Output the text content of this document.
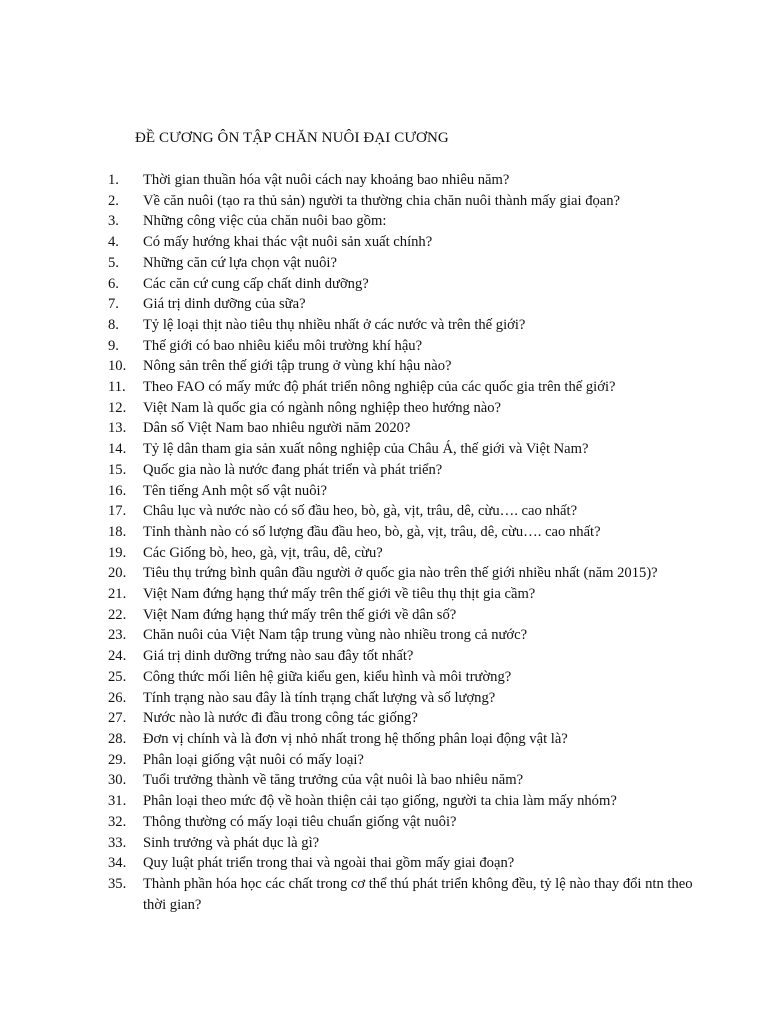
ĐỀ CƯƠNG ÔN TẬP CHĂN NUÔI ĐẠI CƯƠNG
1.	Thời gian thuần hóa vật nuôi cách nay khoảng bao nhiêu năm?
2.	Về căn nuôi (tạo ra thủ sản) người ta thường chia chăn nuôi thành mấy giai đọan?
3.	Những công việc của chăn nuôi bao gồm:
4.	Có mấy hướng khai thác vật nuôi sản xuất chính?
5.	Những căn cứ lựa chọn vật nuôi?
6.	Các căn cứ cung cấp chất dinh dưỡng?
7.	Giá trị dinh dưỡng của sữa?
8.	Tỷ lệ loại thịt nào tiêu thụ nhiều nhất ở các nước và trên thế giới?
9.	Thế giới có bao nhiêu kiểu môi trường khí hậu?
10.	Nông sản trên thế giới tập trung ở vùng khí hậu nào?
11.	Theo FAO có mấy mức độ phát triển nông nghiệp của các quốc gia trên thế giới?
12.	Việt Nam là quốc gia có ngành nông nghiệp theo hướng nào?
13.	Dân số Việt Nam bao nhiêu người năm 2020?
14.	Tỷ lệ dân tham gia sản xuất nông nghiệp của Châu Á, thế giới và Việt Nam?
15.	Quốc gia nào là nước đang phát triển và phát triển?
16.	Tên tiếng Anh một số vật nuôi?
17.	Châu lục và nước nào có số đầu heo, bò, gà, vịt, trâu, dê, cừu…. cao nhất?
18.	Tỉnh thành nào có số lượng đầu đầu heo, bò, gà, vịt, trâu, dê, cừu…. cao nhất?
19.	Các Giống bò, heo, gà, vịt, trâu, dê, cừu?
20.	Tiêu thụ trứng bình quân đầu người ở quốc gia nào trên thế giới nhiều nhất (năm 2015)?
21.	Việt Nam đứng hạng thứ mấy trên thế giới về tiêu thụ thịt gia cầm?
22.	Việt Nam đứng hạng thứ mấy trên thế giới về dân số?
23.	Chăn nuôi của Việt Nam tập trung vùng nào nhiều trong cả nước?
24.	Giá trị dinh dưỡng trứng nào sau đây tốt nhất?
25.	Công thức mối liên hệ giữa kiểu gen, kiểu hình và môi trường?
26.	Tính trạng nào sau đây là tính trạng chất lượng và số lượng?
27.	Nước nào là nước đi đầu trong công tác giống?
28.	Đơn vị chính và là đơn vị nhỏ nhất trong hệ thống phân loại động vật là?
29.	Phân loại giống vật nuôi có mấy loại?
30.	Tuổi trưởng thành về tăng trưởng của vật nuôi là bao nhiêu năm?
31.	Phân loại theo mức độ về hoàn thiện cải tạo giống, người ta chia làm mấy nhóm?
32.	Thông thường có mấy loại tiêu chuẩn giống vật nuôi?
33.	Sinh trưởng và phát dục là gì?
34.	Quy luật phát triển trong thai và ngoài thai gồm mấy giai đoạn?
35.	Thành phần hóa học các chất trong cơ thể thú phát triển không đều, tỷ lệ nào thay đổi ntn theo thời gian?
